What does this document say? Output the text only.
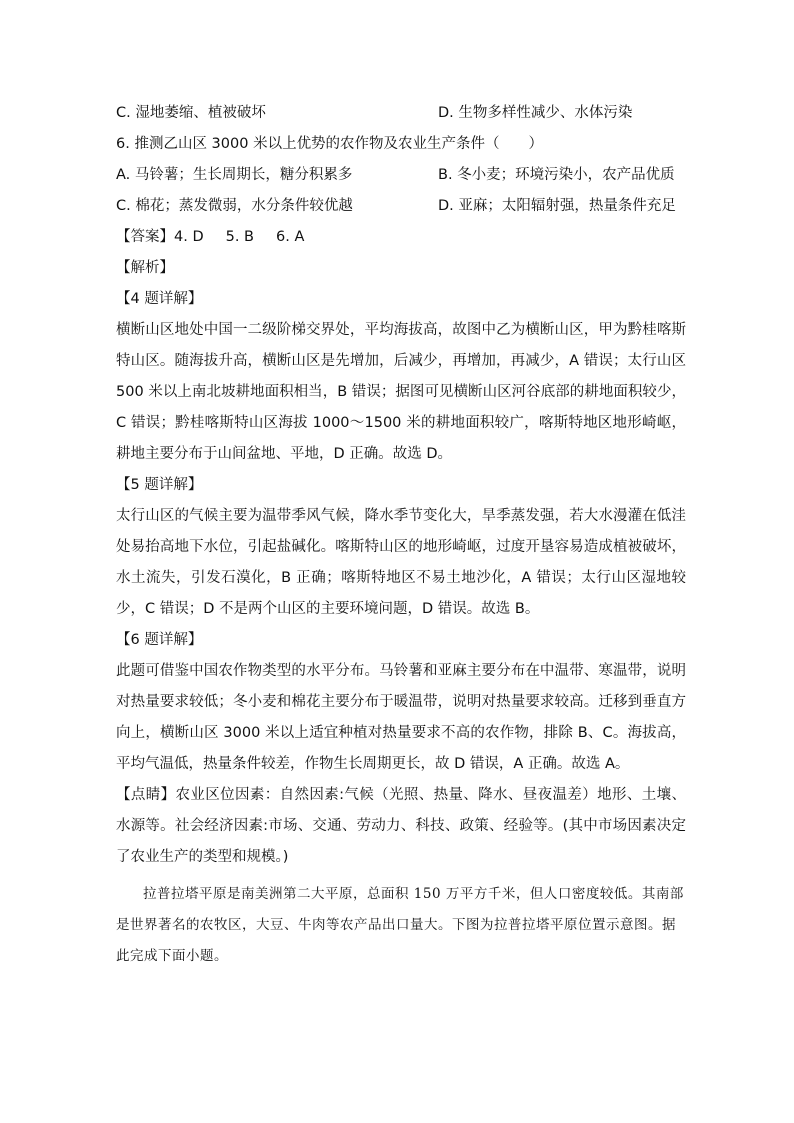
C. 湿地萎缩、植被破坏	D. 生物多样性减少、水体污染
6. 推测乙山区 3000 米以上优势的农作物及农业生产条件（　　）
A. 马铃薯；生长周期长，糖分积累多	B. 冬小麦；环境污染小，农产品优质
C. 棉花；蒸发微弱，水分条件较优越	D. 亚麻；太阳辐射强，热量条件充足
【答案】4. D 5. B 6. A
【解析】
【4 题详解】
横断山区地处中国一二级阶梯交界处，平均海拔高，故图中乙为横断山区，甲为黔桂喀斯特山区。随海拔升高，横断山区是先增加，后减少，再增加，再减少，A 错误；太行山区 500 米以上南北坡耕地面积相当，B 错误；据图可见横断山区河谷底部的耕地面积较少，C 错误；黔桂喀斯特山区海拔 1000～1500 米的耕地面积较广，喀斯特地区地形崎岖，耕地主要分布于山间盆地、平地，D 正确。故选 D。
【5 题详解】
太行山区的气候主要为温带季风气候，降水季节变化大，旱季蒸发强，若大水漫灌在低洼处易抬高地下水位，引起盐碱化。喀斯特山区的地形崎岖，过度开垦容易造成植被破坏，水土流失，引发石漠化，B 正确；喀斯特地区不易土地沙化，A 错误；太行山区湿地较少，C 错误；D 不是两个山区的主要环境问题，D 错误。故选 B。
【6 题详解】
此题可借鉴中国农作物类型的水平分布。马铃薯和亚麻主要分布在中温带、寒温带，说明对热量要求较低；冬小麦和棉花主要分布于暖温带，说明对热量要求较高。迁移到垂直方向上，横断山区 3000 米以上适宜种植对热量要求不高的农作物，排除 B、C。海拔高，平均气温低，热量条件较差，作物生长周期更长，故 D 错误，A 正确。故选 A。
【点睛】农业区位因素：自然因素:气候（光照、热量、降水、昼夜温差）地形、土壤、水源等。社会经济因素:市场、交通、劳动力、科技、政策、经验等。(其中市场因素决定了农业生产的类型和规模。)
拉普拉塔平原是南美洲第二大平原，总面积 150 万平方千米，但人口密度较低。其南部是世界著名的农牧区，大豆、牛肉等农产品出口量大。下图为拉普拉塔平原位置示意图。据此完成下面小题。
